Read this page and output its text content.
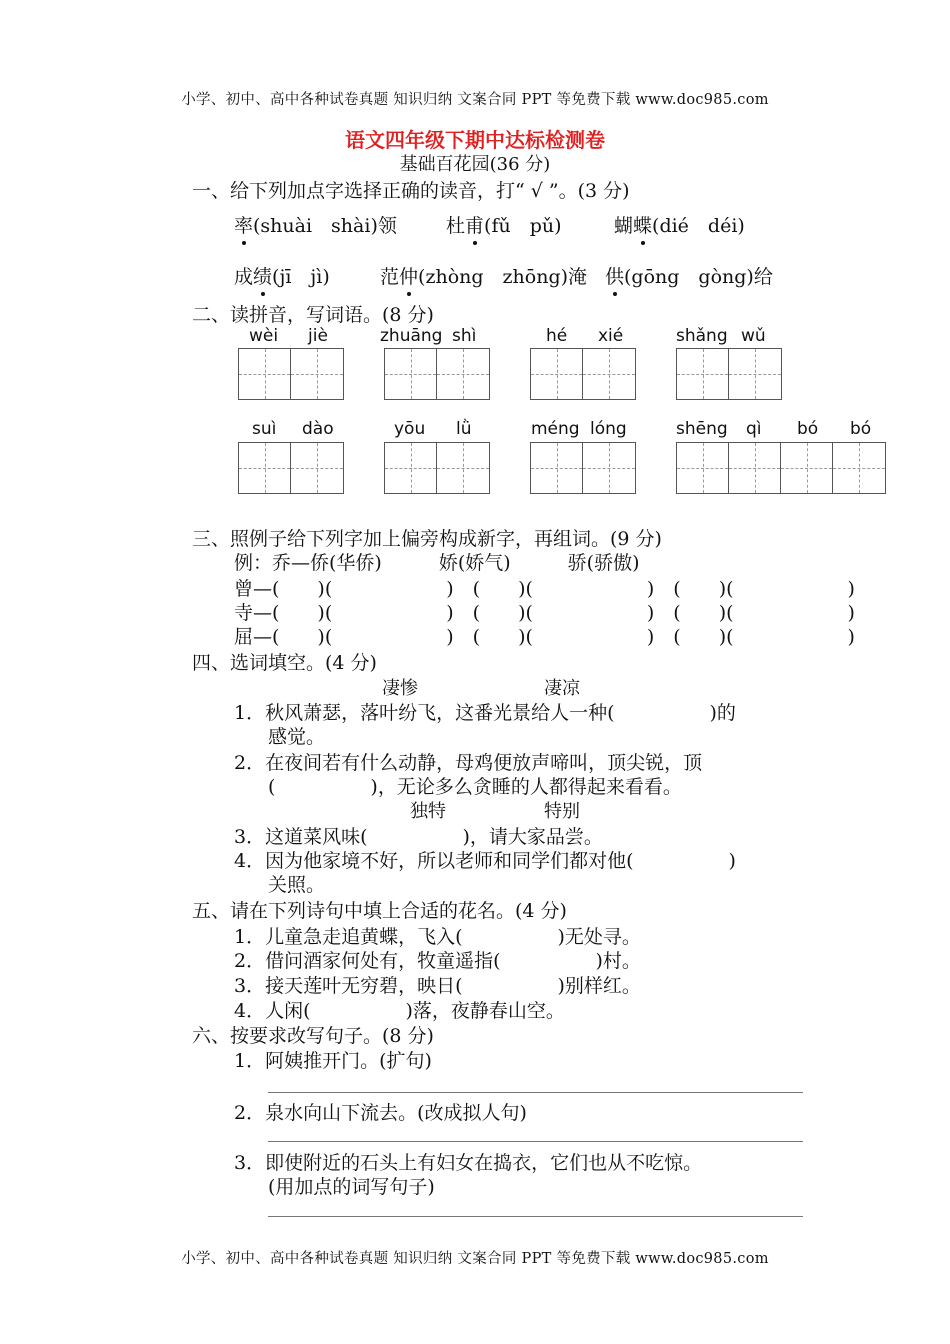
小学、初中、高中各种试卷真题 知识归纳 文案合同 PPT 等免费下载 www.doc985.com
语文四年级下期中达标检测卷
基础百花园(36 分)
一、给下列加点字选择正确的读音，打“ √ ”。(3 分)
率(shuài　shài)领	杜甫(fǔ　pǔ)	蝴蝶(dié　déi)
成绩(jī　jì)	范仲(zhòng　zhōng)淹 供(gōng　gòng)给
二、读拼音，写词语。(8 分)
wèi jiè	zhuāng shì	hé xié	shǎng wǔ
suì dào	yōu lǜ	méng lóng	shēng qì bó bó
三、照例子给下列字加上偏旁构成新字，再组词。(9 分)
例：乔—侨(华侨)　　　娇(娇气)　　　骄(骄傲)
曾—(　　)(　　　　　　)　(　　)(　　　　　　)　(　　)(　　　　　　)
寺—(　　)(　　　　　　)　(　　)(　　　　　　)　(　　)(　　　　　　)
屈—(　　)(　　　　　　)　(　　)(　　　　　　)　(　　)(　　　　　　)
四、选词填空。(4 分)
凄惨	凄凉
1．秋风萧瑟，落叶纷飞，这番光景给人一种(　　　　　)的
感觉。
2．在夜间若有什么动静，母鸡便放声啼叫，顶尖锐，顶
(　　　　　)，无论多么贪睡的人都得起来看看。
独特	特别
3．这道菜风味(　　　　　)，请大家品尝。
4．因为他家境不好，所以老师和同学们都对他(　　　　　)
关照。
五、请在下列诗句中填上合适的花名。(4 分)
1．儿童急走追黄蝶，飞入(　　　　　)无处寻。
2．借问酒家何处有，牧童遥指(　　　　　)村。
3．接天莲叶无穷碧，映日(　　　　　)别样红。
4．人闲(　　　　　)落，夜静春山空。
六、按要求改写句子。(8 分)
1．阿姨推开门。(扩句)
2．泉水向山下流去。(改成拟人句)
3．即使附近的石头上有妇女在捣衣，它们也从不吃惊。
(用加点的词写句子)
小学、初中、高中各种试卷真题 知识归纳 文案合同 PPT 等免费下载 www.doc985.com
